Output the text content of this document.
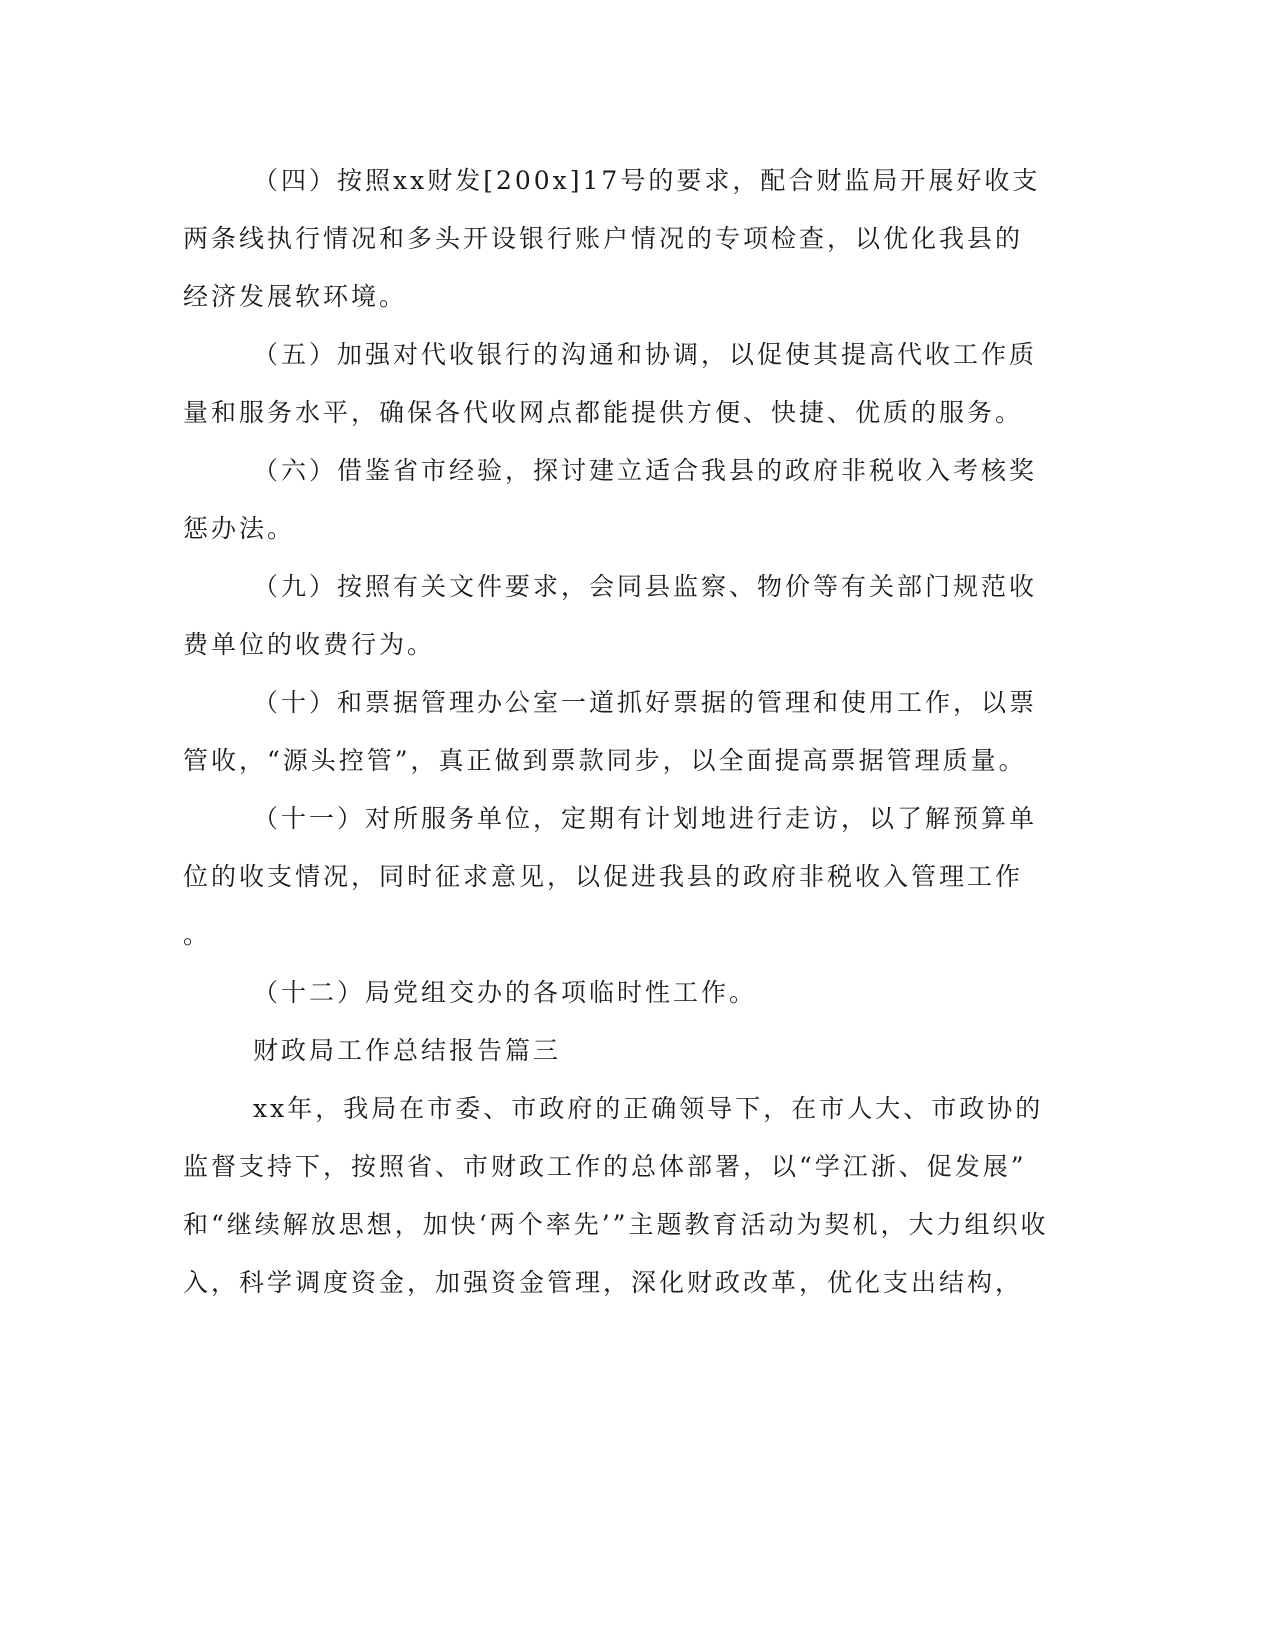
（四）按照xx财发[200x]17号的要求，配合财监局开展好收支
两条线执行情况和多头开设银行账户情况的专项检查，以优化我县的
经济发展软环境。
（五）加强对代收银行的沟通和协调，以促使其提高代收工作质
量和服务水平，确保各代收网点都能提供方便、快捷、优质的服务。
（六）借鉴省市经验，探讨建立适合我县的政府非税收入考核奖
惩办法。
（九）按照有关文件要求，会同县监察、物价等有关部门规范收
费单位的收费行为。
（十）和票据管理办公室一道抓好票据的管理和使用工作，以票
管收，“源头控管”，真正做到票款同步，以全面提高票据管理质量。
（十一）对所服务单位，定期有计划地进行走访，以了解预算单
位的收支情况，同时征求意见，以促进我县的政府非税收入管理工作
。
（十二）局党组交办的各项临时性工作。
财政局工作总结报告篇三
xx年，我局在市委、市政府的正确领导下，在市人大、市政协的
监督支持下，按照省、市财政工作的总体部署，以“学江浙、促发展”
和“继续解放思想，加快‘两个率先’”主题教育活动为契机，大力组织收
入，科学调度资金，加强资金管理，深化财政改革，优化支出结构，
